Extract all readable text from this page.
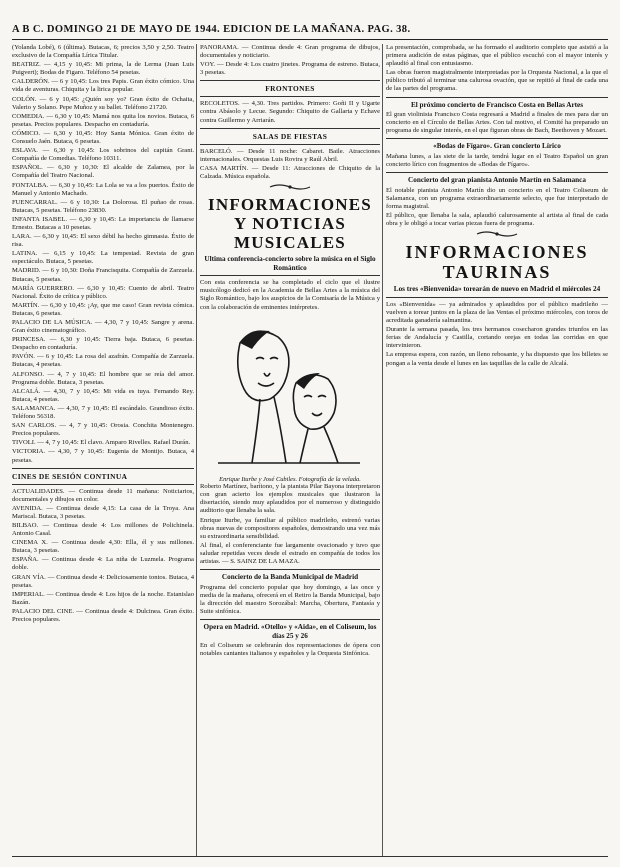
A B C. DOMINGO 21 DE MAYO DE 1944. EDICION DE LA MAÑANA. PAG. 38.

(Yolanda Lobé), 6 (última). Butacas, 6; precios 3,50 y 2,50. Teatro exclusivo de la Compañía Lírica Titular.

BEATRIZ. — 4,15 y 10,45: Mi prima, la de Lerma (Juan Luis Puigvert); Bodas de Figaro. Teléfono 54 pesetas.

CALDERÓN. — 6 y 10,45: Los tres Papis. Gran éxito cómico. Una vida de aventuras. Chiquita y la lirica popular.

COLÓN. — 6 y 10,45: ¿Quién soy yo? Gran éxito de Ochaita, Valerio y Solano. Pepe Muñoz y su ballet. Teléfono 21720.

COMEDIA. — 6,30 y 10,45: Mamá nos quita los novios. Butaca, 6 pesetas. Precios populares. Despacho en contaduría.

CÓMICO. — 6,30 y 10,45: Hoy Santa Mónica. Gran éxito de Consuelo Jaén. Butaca, 6 pesetas.

ESLAVA. — 6,30 y 10,45: Los sobrinos del capitán Grant. Compañía de Comedias. Teléfono 10311.

ESPAÑOL. — 6,30 y 10,30: El alcalde de Zalamea, por la Compañía del Teatro Nacional.

FONTALBA. — 6,30 y 10,45: La Lola se va a los puertos. Éxito de Manuel y Antonio Machado.

FUENCARRAL. — 6 y 10,30: La Dolorosa. El puñao de rosas. Butacas, 5 pesetas. Teléfono 23830.

INFANTA ISABEL. — 6,30 y 10,45: La importancia de llamarse Ernesto. Butacas a 10 pesetas.

LARA. — 6,30 y 10,45: El sexo débil ha hecho gimnasia. Éxito de risa.

LATINA. — 6,15 y 10,45: La tempestad. Revista de gran espectáculo. Butaca, 5 pesetas.

MADRID. — 6 y 10,30: Doña Francisquita. Compañía de Zarzuela. Butacas, 5 pesetas.

MARÍA GUERRERO. — 6,30 y 10,45: Cuento de abril. Teatro Nacional. Éxito de crítica y público.

MARTÍN. — 6,30 y 10,45: ¡Ay, que me caso! Gran revista cómica. Butacas, 6 pesetas.

PALACIO DE LA MÚSICA. — 4,30, 7 y 10,45: Sangre y arena. Gran éxito cinematográfico.

PRINCESA. — 6,30 y 10,45: Tierra baja. Butaca, 6 pesetas. Despacho en contaduría.

PAVÓN. — 6 y 10,45: La rosa del azafrán. Compañía de Zarzuela. Butacas, 4 pesetas.

ALFONSO. — 4, 7 y 10,45: El hombre que se reía del amor. Programa doble. Butaca, 3 pesetas.

ALCALÁ. — 4,30, 7 y 10,45: Mi vida es tuya. Fernando Rey. Butaca, 4 pesetas.

SALAMANCA. — 4,30, 7 y 10,45: El escándalo. Grandioso éxito. Teléfono 56318.

SAN CARLOS. — 4, 7 y 10,45: Orosia. Conchita Montenegro. Precios populares.

TIVOLI. — 4, 7 y 10,45: El clavo. Amparo Rivelles. Rafael Durán.

VICTORIA. — 4,30, 7 y 10,45: Eugenia de Montijo. Butaca, 4 pesetas.

CINES DE SESIÓN CONTINUA

ACTUALIDADES. — Continua desde 11 mañana: Noticiarios, documentales y dibujos en color.

AVENIDA. — Continua desde 4,15: La casa de la Troya. Ana Mariscal. Butaca, 3 pesetas.

BILBAO. — Continua desde 4: Los millones de Polichinela. Antonio Casal.

CINEMA X. — Continua desde 4,30: Ella, él y sus millones. Butaca, 3 pesetas.

ESPAÑA. — Continua desde 4: La niña de Luzmela. Programa doble.

GRAN VÍA. — Continua desde 4: Deliciosamente tontos. Butaca, 4 pesetas.

IMPERIAL. — Continua desde 4: Los hijos de la noche. Estanislao Bazán.

PALACIO DEL CINE. — Continua desde 4: Dulcinea. Gran éxito. Precios populares.

PANORAMA. — Continua desde 4: Gran programa de dibujos, documentales y noticiario.

VOY. — Desde 4: Los cuatro jinetes. Programa de estreno. Butaca, 3 pesetas.

FRONTONES

RECOLETOS. — 4,30. Tres partidos. Primero: Goñi II y Ugarte contra Abásolo y Lecue. Segundo: Chiquito de Gallarta y Echave contra Guillermo y Arriarán.

SALAS DE FIESTAS

BARCELÓ. — Desde 11 noche: Cabaret. Baile. Atracciones internacionales. Orquestas Luis Rovira y Raúl Abril.

CASA MARTÍN. — Desde 11: Atracciones de Chiquito de la Calzada. Música española.

INFORMACIONES Y NOTICIAS MUSICALES
Ultima conferencia-concierto sobre la música en el Siglo Romántico

Con esta conferencia se ha completado el ciclo que el ilustre musicólogo dedicó en la Academia de Bellas Artes a la música del Siglo Romántico, bajo los auspicios de la Comisaría de la Música y con la colaboración de eminentes intérpretes.

Enrique Iturbe y José Cubiles. Fotografía de la velada.

Roberto Martínez, barítono, y la pianista Pilar Bayona interpretaron con gran acierto los ejemplos musicales que ilustraron la disertación, siendo muy aplaudidos por el numeroso y distinguido auditorio que llenaba la sala.

Enrique Iturbe, ya familiar al público madrileño, estrenó varias obras nuevas de compositores españoles, demostrando una vez más su extraordinaria sensibilidad.

Al final, el conferenciante fue largamente ovacionado y tuvo que saludar repetidas veces desde el estrado en compañía de todos los artistas. — S. SAINZ DE LA MAZA.

Concierto de la Banda Municipal de Madrid

Programa del concierto popular que hoy domingo, a las once y media de la mañana, ofrecerá en el Retiro la Banda Municipal, bajo la dirección del maestro Sorozábal: Marcha, Obertura, Fantasía y Suite sinfónica.

Opera en Madrid. «Otello» y «Aida», en el Coliseum, los días 25 y 26

En el Coliseum se celebrarán dos representaciones de ópera con notables cantantes italianos y españoles y la Orquesta Sinfónica.

La presentación, comprobada, se ha formado el auditorio completo que asistió a la primera audición de estas páginas, que el público escuchó con el mayor interés y aplaudió al final con entusiasmo.

Las obras fueron magistralmente interpretadas por la Orquesta Nacional, a la que el público tributó al terminar una calurosa ovación, que se repitió al final de cada una de las partes del programa.

El próximo concierto de Francisco Costa en Bellas Artes

El gran violinista Francisco Costa regresará a Madrid a finales de mes para dar un concierto en el Círculo de Bellas Artes. Con tal motivo, el Comité ha preparado un programa de singular interés, en el que figuran obras de Bach, Beethoven y Mozart.

«Bodas de Fígaro». Gran concierto Lírico

Mañana lunes, a las siete de la tarde, tendrá lugar en el Teatro Español un gran concierto lírico con fragmentos de «Bodas de Fígaro».

Concierto del gran pianista Antonio Martín en Salamanca

El notable pianista Antonio Martín dio un concierto en el Teatro Coliseum de Salamanca, con un programa extraordinariamente selecto, que fue interpretado de forma magistral.

El público, que llenaba la sala, aplaudió calurosamente al artista al final de cada obra y le obligó a tocar varias piezas fuera de programa.

INFORMACIONES TAURINAS
Los tres «Bienvenida» torearán de nuevo en Madrid el miércoles 24

Los «Bienvenida» — ya admirados y aplaudidos por el público madrileño — vuelven a torear juntos en la plaza de las Ventas el próximo miércoles, con toros de acreditada ganadería salmantina.

Durante la semana pasada, los tres hermanos cosecharon grandes triunfos en las ferias de Andalucía y Castilla, cortando orejas en todas las corridas en que intervinieron.

La empresa espera, con razón, un lleno rebosante, y ha dispuesto que los billetes se pongan a la venta desde el lunes en las taquillas de la calle de Alcalá.
